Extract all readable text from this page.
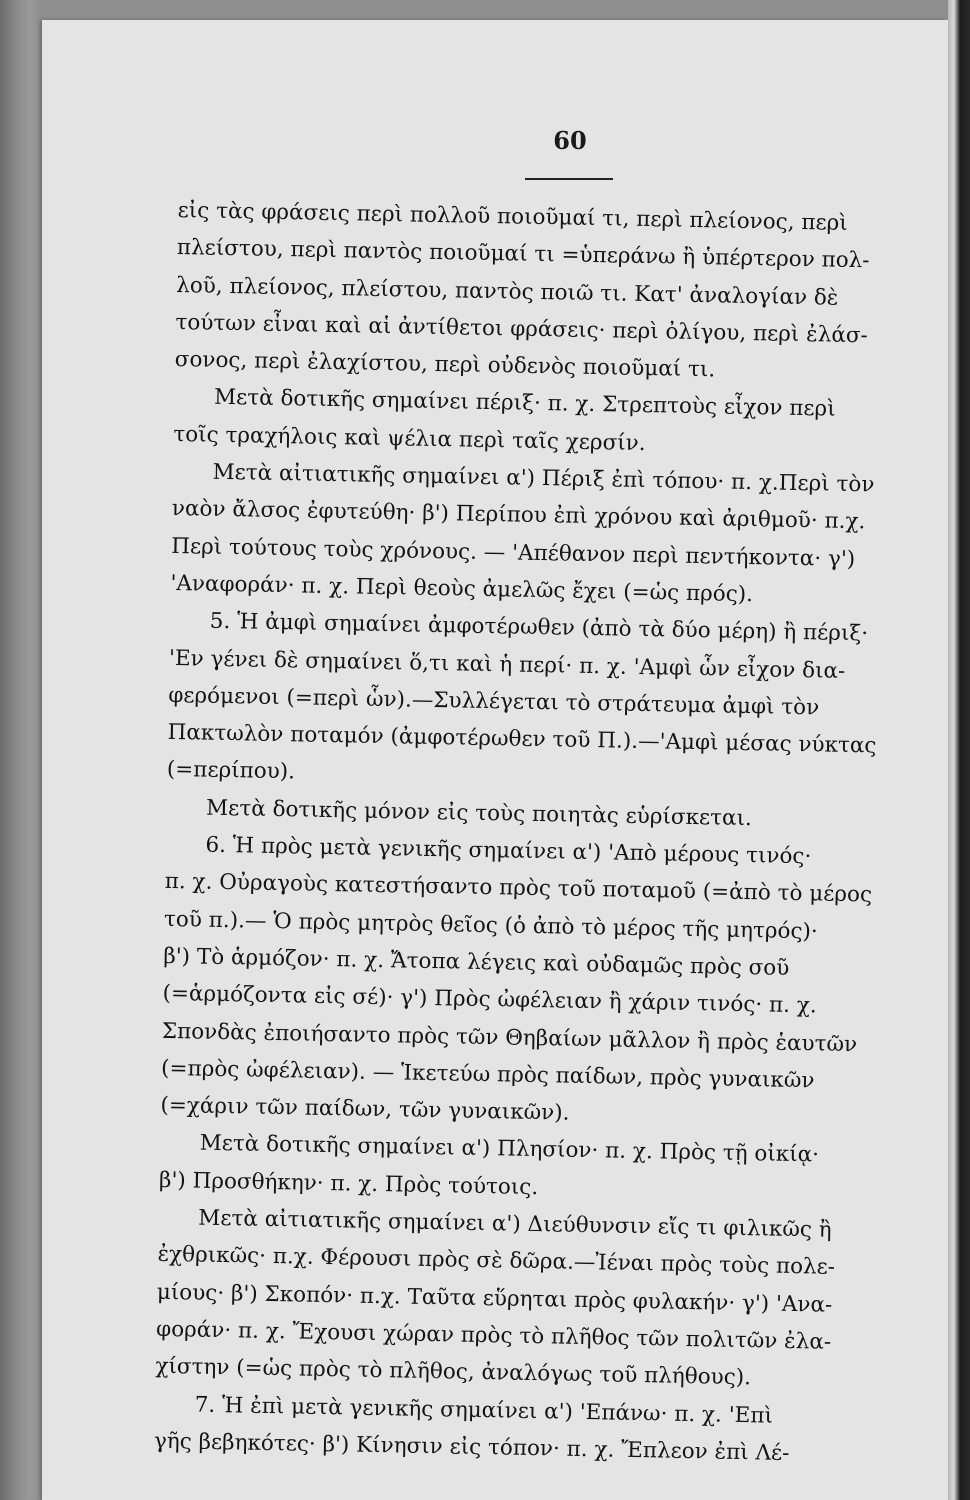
60
εἰς τὰς φράσεις περὶ πολλοῦ ποιοῦμαί τι, περὶ πλείονος, περὶ
πλείστου, περὶ παντὸς ποιοῦμαί τι =ὑπεράνω ἢ ὑπέρτερον πολ-
λοῦ, πλείονος, πλείστου, παντὸς ποιῶ τι. Κατ' ἀναλογίαν δὲ
τούτων εἶναι καὶ αἱ ἀντίθετοι φράσεις· περὶ ὀλίγου, περὶ ἐλάσ-
σονος, περὶ ἐλαχίστου, περὶ οὐδενὸς ποιοῦμαί τι.
Μετὰ δοτικῆς σημαίνει πέριξ· π. χ. Στρεπτοὺς εἶχον περὶ
τοῖς τραχήλοις καὶ ψέλια περὶ ταῖς χερσίν.
Μετὰ αἰτιατικῆς σημαίνει α') Πέριξ ἐπὶ τόπου· π. χ.Περὶ τὸν
ναὸν ἄλσος ἐφυτεύθη· β') Περίπου ἐπὶ χρόνου καὶ ἀριθμοῦ· π.χ.
Περὶ τούτους τοὺς χρόνους. — 'Απέθανον περὶ πεντήκοντα· γ')
'Αναφοράν· π. χ. Περὶ θεοὺς ἀμελῶς ἔχει (=ὡς πρός).
5. Ἡ ἀμφὶ σημαίνει ἀμφοτέρωθεν (ἀπὸ τὰ δύο μέρη) ἢ πέριξ·
'Εν γένει δὲ σημαίνει ὅ,τι καὶ ἡ περί· π. χ. 'Αμφὶ ὧν εἶχον δια-
φερόμενοι (=περὶ ὧν).—Συλλέγεται τὸ στράτευμα ἀμφὶ τὸν
Πακτωλὸν ποταμόν (ἀμφοτέρωθεν τοῦ Π.).—'Αμφὶ μέσας νύκτας
(=περίπου).
Μετὰ δοτικῆς μόνον εἰς τοὺς ποιητὰς εὑρίσκεται.
6. Ἡ πρὸς μετὰ γενικῆς σημαίνει α') 'Απὸ μέρους τινός·
π. χ. Οὐραγοὺς κατεστήσαντο πρὸς τοῦ ποταμοῦ (=ἀπὸ τὸ μέρος
τοῦ π.).— Ὁ πρὸς μητρὸς θεῖος (ὁ ἀπὸ τὸ μέρος τῆς μητρός)·
β') Τὸ ἁρμόζον· π. χ. Ἄτοπα λέγεις καὶ οὐδαμῶς πρὸς σοῦ
(=ἁρμόζοντα εἰς σέ)· γ') Πρὸς ὠφέλειαν ἢ χάριν τινός· π. χ.
Σπονδὰς ἐποιήσαντο πρὸς τῶν Θηβαίων μᾶλλον ἢ πρὸς ἑαυτῶν
(=πρὸς ὠφέλειαν). — Ἱκετεύω πρὸς παίδων, πρὸς γυναικῶν
(=χάριν τῶν παίδων, τῶν γυναικῶν).
Μετὰ δοτικῆς σημαίνει α') Πλησίον· π. χ. Πρὸς τῇ οἰκίᾳ·
β') Προσθήκην· π. χ. Πρὸς τούτοις.
Μετὰ αἰτιατικῆς σημαίνει α') Διεύθυνσιν εἴς τι φιλικῶς ἢ
ἐχθρικῶς· π.χ. Φέρουσι πρὸς σὲ δῶρα.—Ἰέναι πρὸς τοὺς πολε-
μίους· β') Σκοπόν· π.χ. Ταῦτα εὕρηται πρὸς φυλακήν· γ') 'Ανα-
φοράν· π. χ. Ἔχουσι χώραν πρὸς τὸ πλῆθος τῶν πολιτῶν ἐλα-
χίστην (=ὡς πρὸς τὸ πλῆθος, ἀναλόγως τοῦ πλήθους).
7. Ἡ ἐπὶ μετὰ γενικῆς σημαίνει α') 'Επάνω· π. χ. 'Επὶ
γῆς βεβηκότες· β') Κίνησιν εἰς τόπον· π. χ. Ἔπλεον ἐπὶ Λέ-
